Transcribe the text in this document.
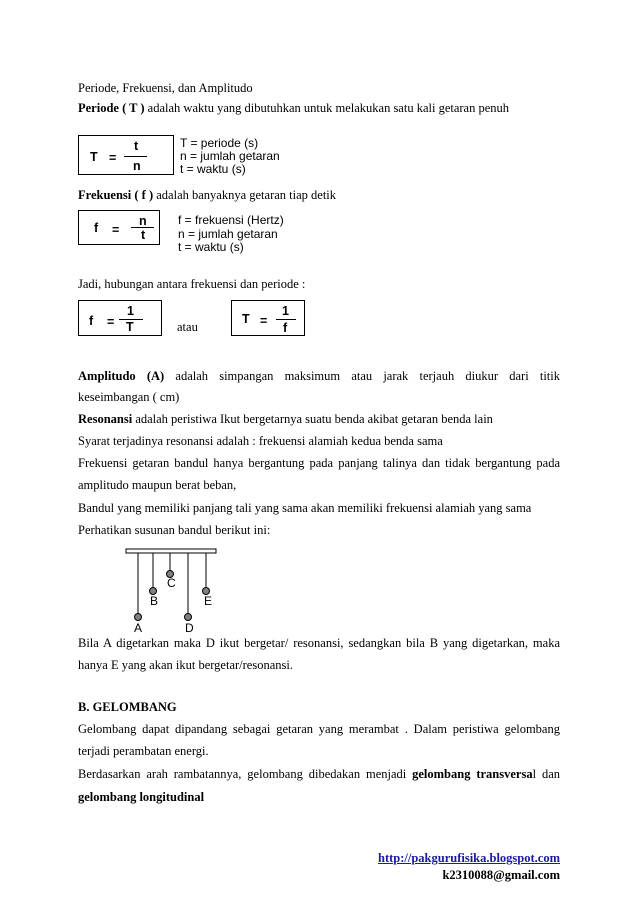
Periode, Frekuensi, dan Amplitudo
Periode ( T ) adalah waktu yang dibutuhkan untuk melakukan satu kali getaran penuh
T =
t
n
T = periode (s)
n = jumlah getaran
t = waktu (s)
Frekuensi ( f ) adalah banyaknya getaran tiap detik
f =
n
t
f = frekuensi (Hertz)
n = jumlah getaran
t = waktu (s)
Jadi, hubungan antara frekuensi dan periode :
f =
1
T	atau
T =
1
f
Amplitudo (A) adalah simpangan maksimum atau jarak terjauh diukur dari titik
keseimbangan ( cm)
Resonansi adalah peristiwa Ikut bergetarnya suatu benda akibat getaran benda lain
Syarat terjadinya resonansi adalah : frekuensi alamiah kedua benda sama
Frekuensi getaran bandul hanya bergantung pada panjang talinya dan tidak bergantung pada
amplitudo maupun berat beban,
Bandul yang memiliki panjang tali yang sama akan memiliki frekuensi alamiah yang sama
Perhatikan susunan bandul berikut ini:
A
B
C
D
E
Bila A digetarkan maka D ikut bergetar/ resonansi, sedangkan bila B yang digetarkan, maka
hanya E yang akan ikut bergetar/resonansi.
B. GELOMBANG
Gelombang dapat dipandang sebagai getaran yang merambat . Dalam peristiwa gelombang
terjadi perambatan energi.
Berdasarkan arah rambatannya, gelombang dibedakan menjadi gelombang transversal dan
gelombang longitudinal
http://pakgurufisika.blogspot.com
k2310088@gmail.com
